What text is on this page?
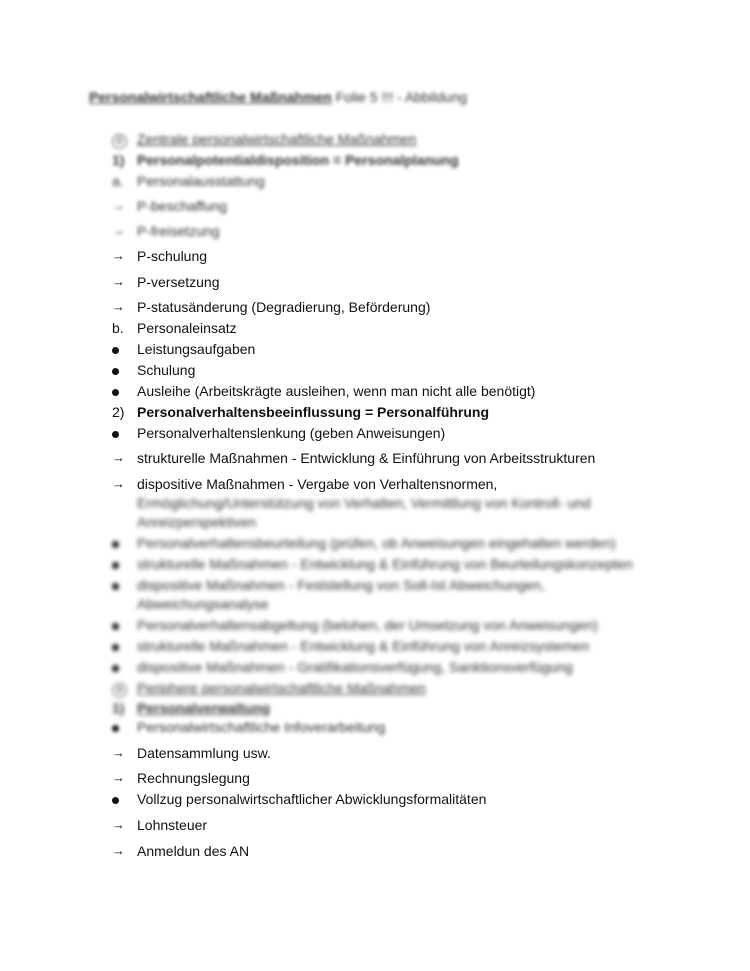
Personalwirtschaftliche Maßnahmen Folie 5 !!! - Abbildung
① Zentrale personalwirtschaftliche Maßnahmen
1) Personalpotentialdisposition = Personalplanung
a. Personalausstattung
→ P-beschaffung
→ P-freisetzung
→ P-schulung
→ P-versetzung
→ P-statusänderung (Degradierung, Beförderung)
b. Personaleinsatz
Leistungsaufgaben
Schulung
Ausleihe (Arbeitskrägte ausleihen, wenn man nicht alle benötigt)
2) Personalverhaltensbeeinflussung = Personalführung
Personalverhaltenslenkung (geben Anweisungen)
→ strukturelle Maßnahmen - Entwicklung & Einführung von Arbeitsstrukturen
→ dispositive Maßnahmen - Vergabe von Verhaltensnormen,
Ermöglichung/Unterstützung von Verhalten, Vermittlung von Kontroll- und
Anreizperspektiven
Personalverhaltensbeurteilung (prüfen, ob Anweisungen eingehalten werden)
strukturelle Maßnahmen - Entwicklung & Einführung von Beurteilungskonzepten
dispositive Maßnahmen - Feststellung von Soll-Ist Abweichungen,
Abweichungsanalyse
Personalverhaltensabgeltung (belohen, der Umsetzung von Anweisungen)
strukturelle Maßnahmen - Entwicklung & Einführung von Anreizsystemen
dispositive Maßnahmen - Gratifikationsverfügung, Sanktionsverfügung
② Periphere personalwirtschaftliche Maßnahmen
1) Personalverwaltung
Personalwirtschaftliche Infoverarbeitung
→ Datensammlung usw.
→ Rechnungslegung
Vollzug personalwirtschaftlicher Abwicklungsformalitäten
→ Lohnsteuer
→ Anmeldun des AN
